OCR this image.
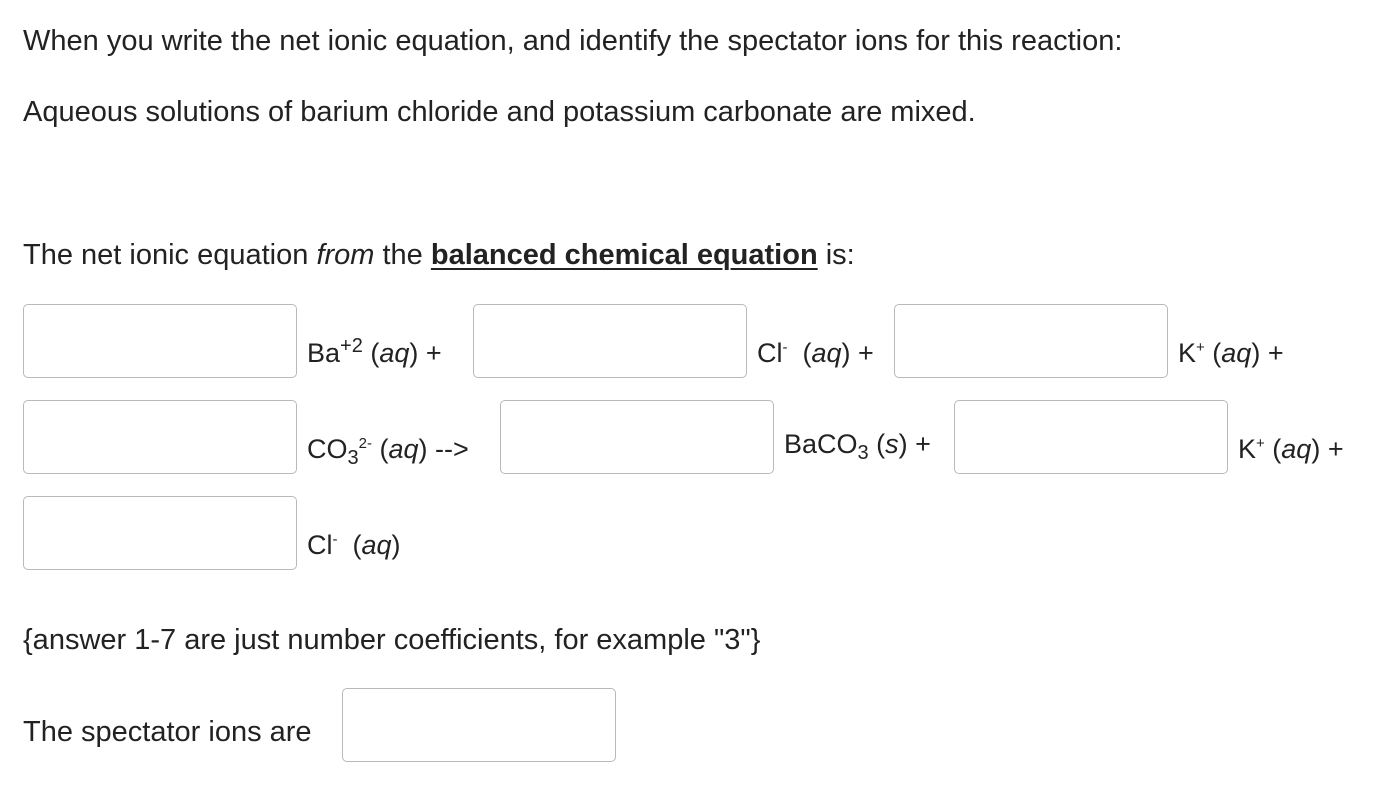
When you write the net ionic equation, and identify the spectator ions for this reaction:
Aqueous solutions of barium chloride and potassium carbonate are mixed.
The net ionic equation from the balanced chemical equation is:
$Ba^{+2}$ (aq) +	Cl-  (aq) +	K+ (aq) +
$CO_3^{2-}$ (aq) -->	BaCO$_3$ (s) +	K+ (aq) +
Cl-  (aq)
{answer 1-7 are just number coefficients, for example "3"}
The spectator ions are
